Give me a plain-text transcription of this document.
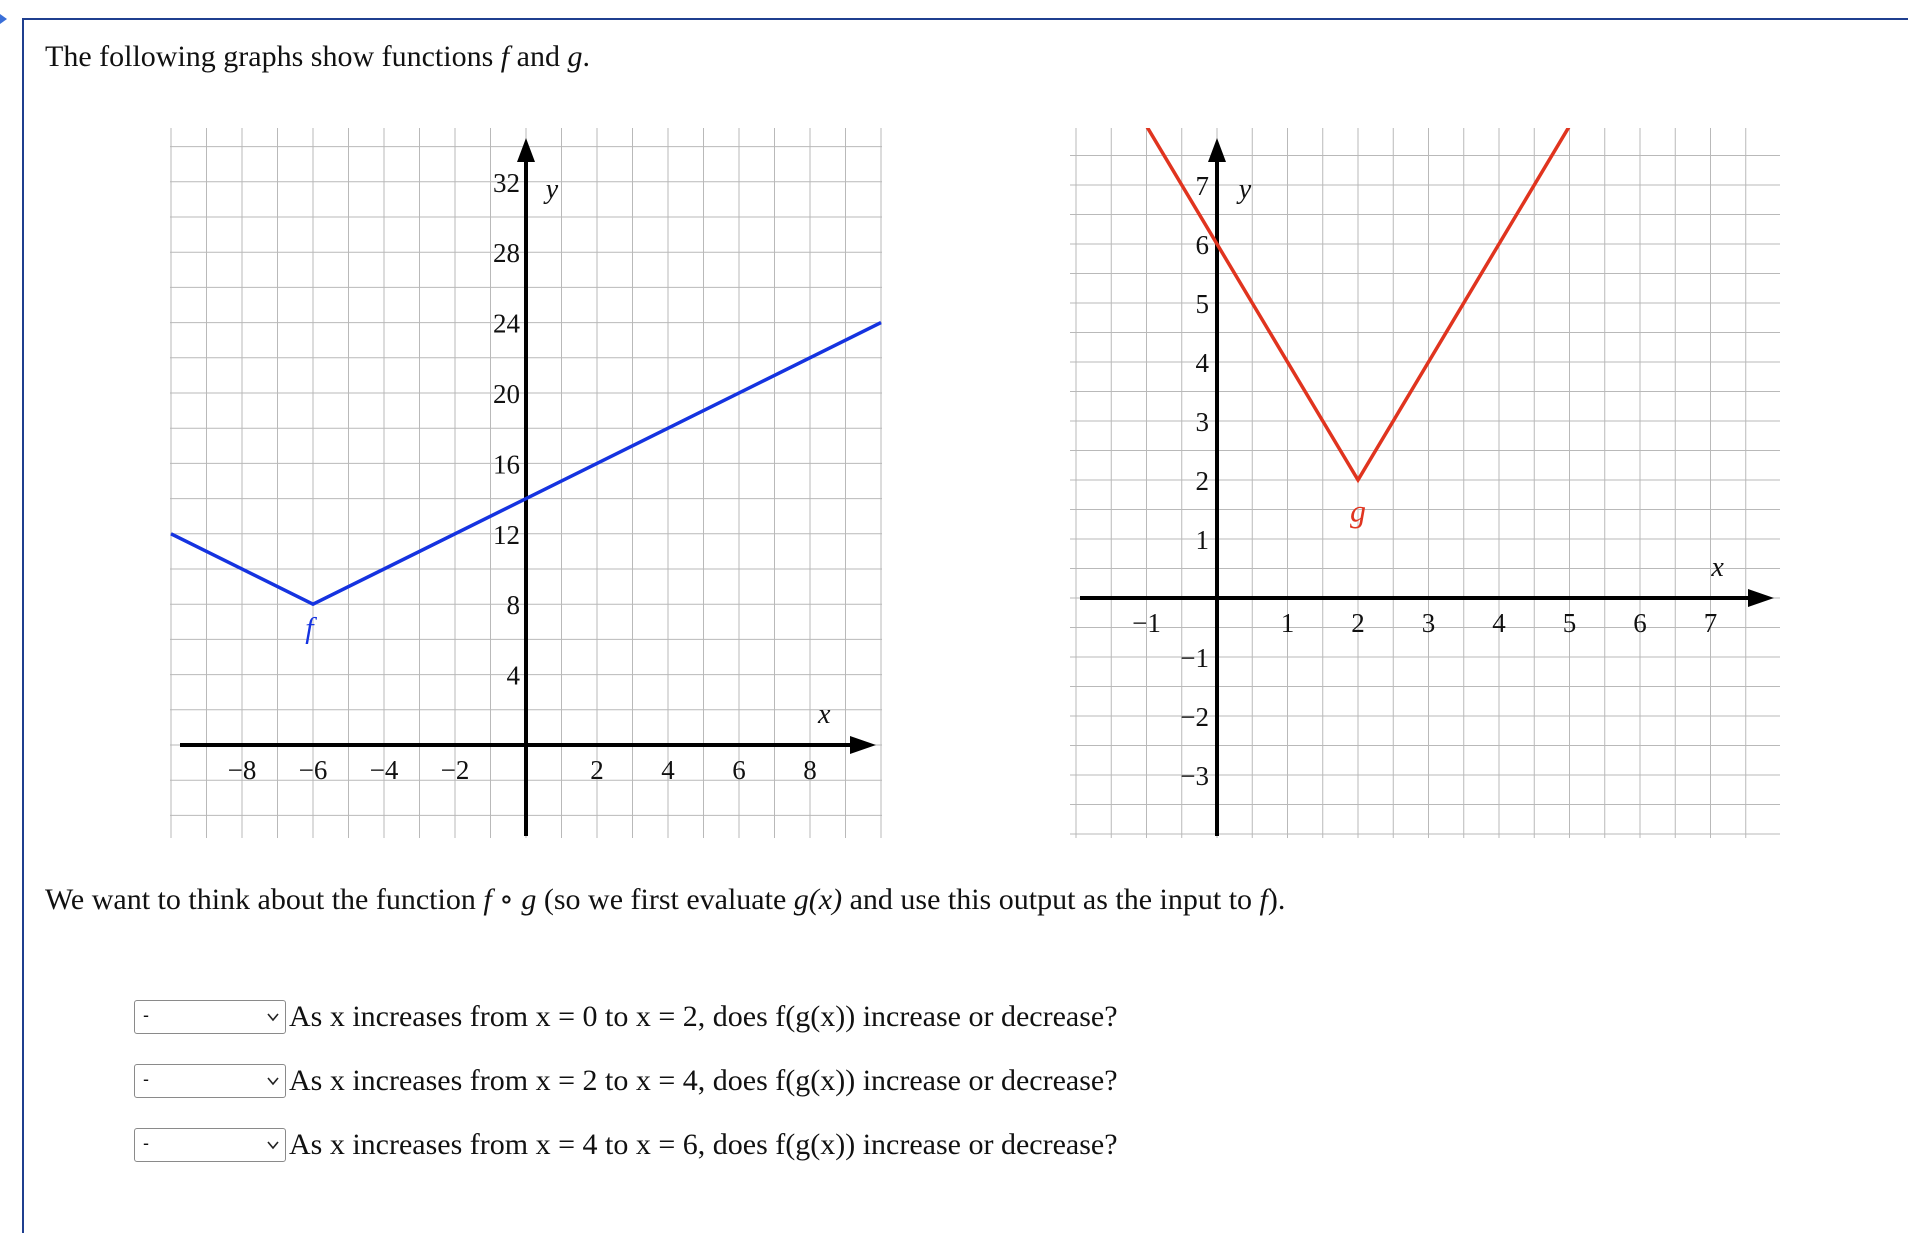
The following graphs show functions f and g.
−8 −6 −4 −2	2 4 6 8
4
8
12
16
20
24
28
32
x
y
f	−1	1 2 3 4 5 6 7
1
2
3
4
5
6
7
−1
−2
−3
x
y
g
We want to think about the function f ∘ g (so we first evaluate g(x) and use this output as the input to f).
-	As x increases from x = 0 to x = 2, does f(g(x)) increase or decrease?
-	As x increases from x = 2 to x = 4, does f(g(x)) increase or decrease?
-	As x increases from x = 4 to x = 6, does f(g(x)) increase or decrease?
